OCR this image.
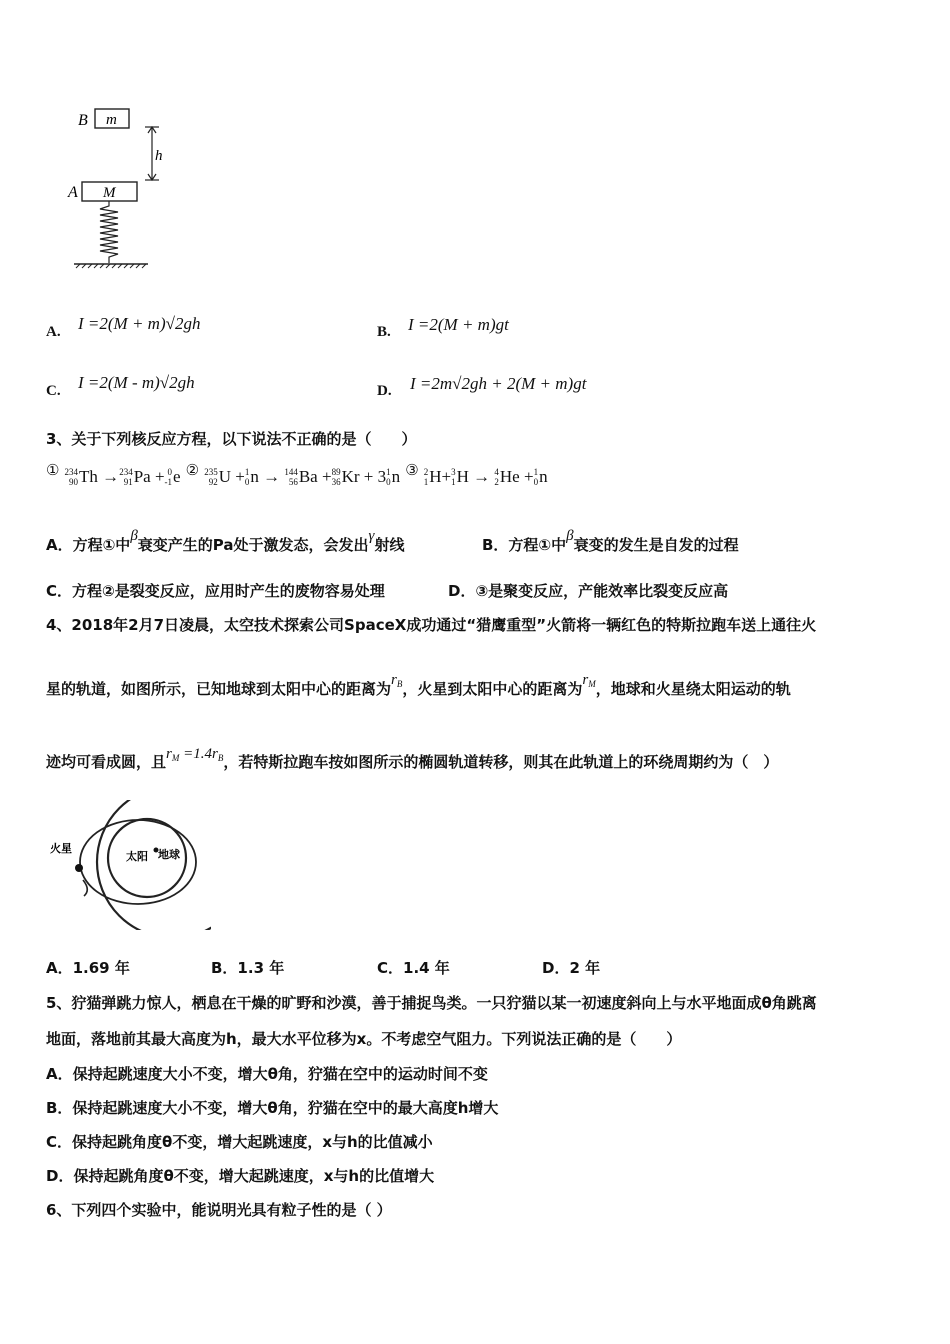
B m
h
A M
A. I =2(M + m)√2gh	B. I =2(M + m)gt
C. I =2(M - m)√2gh	D. I =2m√2gh + 2(M + m)gt
3、关于下列核反应方程，以下说法不正确的是（　　）
① 234
90 Th → 234
91 Pa + 0
-1 e ② 235
92 U + 1
0 n → 144
56 Ba + 89
36 Kr + 3 1
0 n ③ 2
1 H+ 3
1 H → 4
2 He + 1
0 n
A．方程①中β衰变产生的Pa处于激发态，会发出γ射线	B．方程①中β衰变的发生是自发的过程
C．方程②是裂变反应，应用时产生的废物容易处理	D．③是聚变反应，产能效率比裂变反应高
4、2018年2月7日凌晨，太空技术探索公司SpaceX成功通过“猎鹰重型”火箭将一辆红色的特斯拉跑车送上通往火
星的轨道，如图所示，已知地球到太阳中心的距离为$r_B$，火星到太阳中心的距离为$r_M$，地球和火星绕太阳运动的轨
迹均可看成圆，且$r_M =1.4r_B$，若特斯拉跑车按如图所示的椭圆轨道转移，则其在此轨道上的环绕周期约为（　）
火星
太阳 地球
A．1.69 年	B．1.3 年	C．1.4 年	D．2 年
5、狞猫弹跳力惊人，栖息在干燥的旷野和沙漠，善于捕捉鸟类。一只狞猫以某一初速度斜向上与水平地面成θ角跳离
地面，落地前其最大高度为h，最大水平位移为x。不考虑空气阻力。下列说法正确的是（　　）
A．保持起跳速度大小不变，增大θ角，狞猫在空中的运动时间不变
B．保持起跳速度大小不变，增大θ角，狞猫在空中的最大高度h增大
C．保持起跳角度θ不变，增大起跳速度，x与h的比值减小
D．保持起跳角度θ不变，增大起跳速度，x与h的比值增大
6、下列四个实验中，能说明光具有粒子性的是（ ）
